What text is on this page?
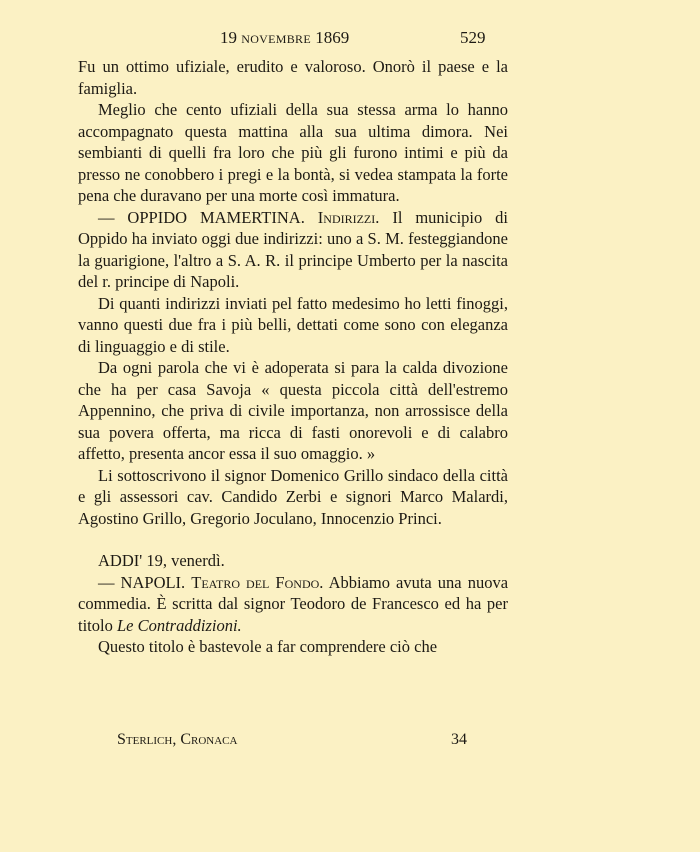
19 novembre 1869	529
Fu un ottimo ufiziale, erudito e valoroso. Onorò il paese e la famiglia.
Meglio che cento ufiziali della sua stessa arma lo hanno accompagnato questa mattina alla sua ultima dimora. Nei sembianti di quelli fra loro che più gli furono intimi e più da presso ne conobbero i pregi e la bontà, si vedea stampata la forte pena che duravano per una morte così immatura.
— OPPIDO MAMERTINA. Indirizzi. Il municipio di Oppido ha inviato oggi due indirizzi: uno a S. M. festeggiandone la guarigione, l'altro a S. A. R. il principe Umberto per la nascita del r. principe di Napoli.
Di quanti indirizzi inviati pel fatto medesimo ho letti finoggi, vanno questi due fra i più belli, dettati come sono con eleganza di linguaggio e di stile.
Da ogni parola che vi è adoperata si para la calda divozione che ha per casa Savoja « questa piccola città dell'estremo Appennino, che priva di civile importanza, non arrossisce della sua povera offerta, ma ricca di fasti onorevoli e di calabro affetto, presenta ancor essa il suo omaggio. »
Li sottoscrivono il signor Domenico Grillo sindaco della città e gli assessori cav. Candido Zerbi e signori Marco Malardi, Agostino Grillo, Gregorio Joculano, Innocenzio Princi.
ADDI' 19, venerdì.
— NAPOLI. Teatro del Fondo. Abbiamo avuta una nuova commedia. È scritta dal signor Teodoro de Francesco ed ha per titolo Le Contraddizioni.
Questo titolo è bastevole a far comprendere ciò che
Sterlich, Cronaca	34
